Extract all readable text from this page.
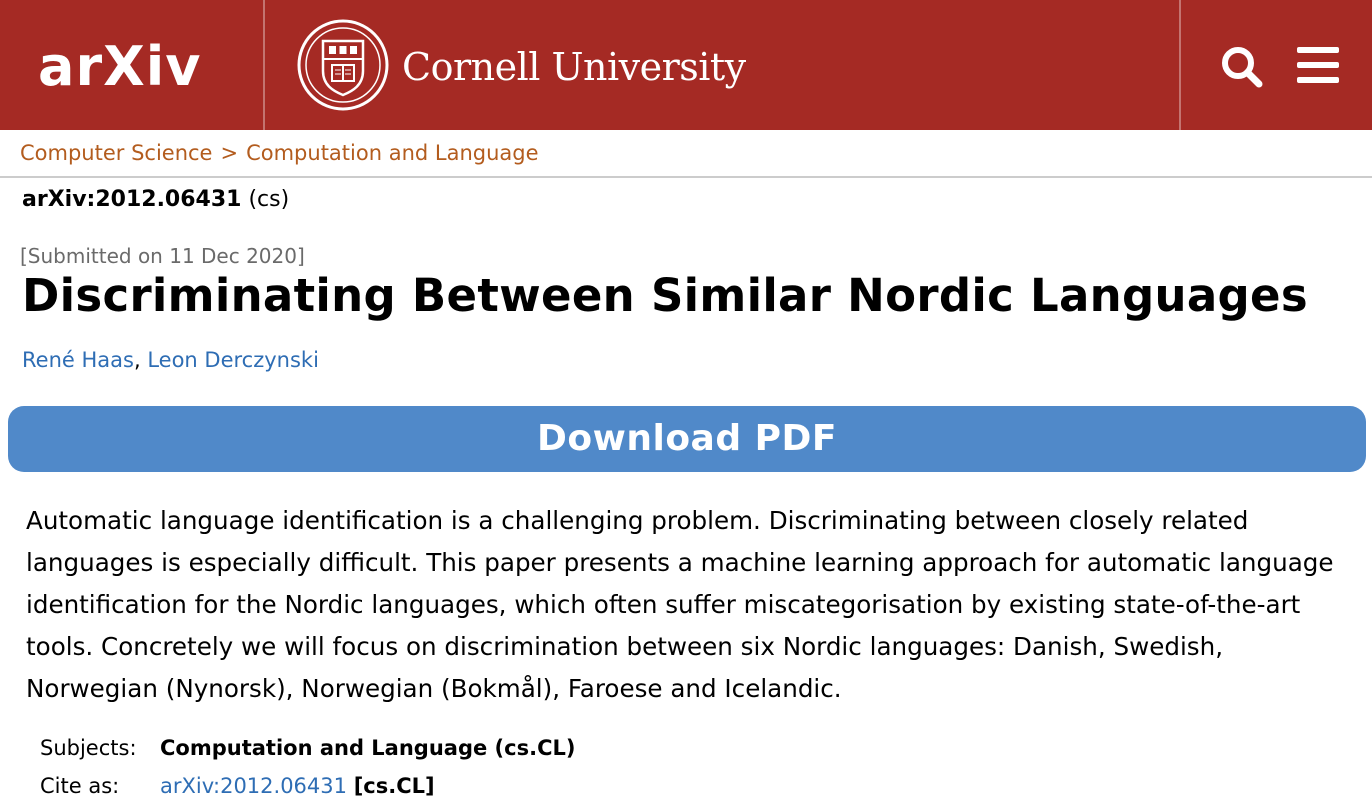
arXiv	Cornell University
Computer Science > Computation and Language
arXiv:2012.06431 (cs)
[Submitted on 11 Dec 2020]
Discriminating Between Similar Nordic Languages
René Haas, Leon Derczynski
Download PDF
Automatic language identification is a challenging problem. Discriminating between closely related languages is especially difficult. This paper presents a machine learning approach for automatic language identification for the Nordic languages, which often suffer miscategorisation by existing state-of-the-art tools. Concretely we will focus on discrimination between six Nordic languages: Danish, Swedish, Norwegian (Nynorsk), Norwegian (Bokmål), Faroese and Icelandic.
Subjects: Computation and Language (cs.CL)
Cite as: arXiv:2012.06431 [cs.CL]
